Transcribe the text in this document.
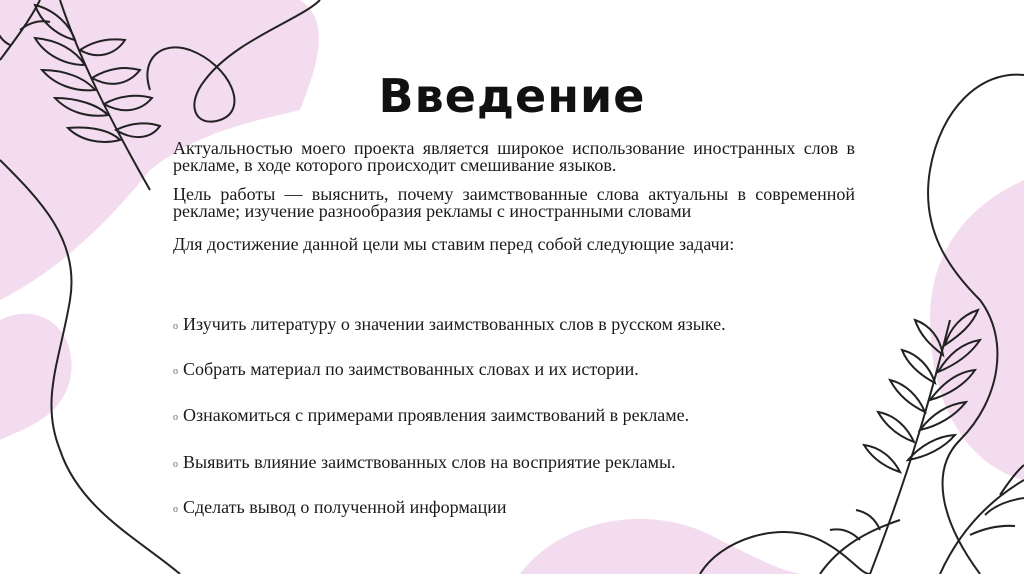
Введение

Актуальностью моего проекта является широкое использование иностранных слов в рекламе, в ходе которого происходит смешивание языков.

Цель работы — выяснить, почему заимствованные слова актуальны в современной рекламе; изучение разнообразия рекламы с иностранными словами

Для достижение данной цели мы ставим перед собой следующие задачи:

o Изучить литературу о значении заимствованных слов в русском языке.
o Собрать материал по заимствованных словах и их истории.
o Ознакомиться с примерами проявления заимствований в рекламе.
o Выявить влияние заимствованных слов на восприятие рекламы.
o Сделать вывод о полученной информации
